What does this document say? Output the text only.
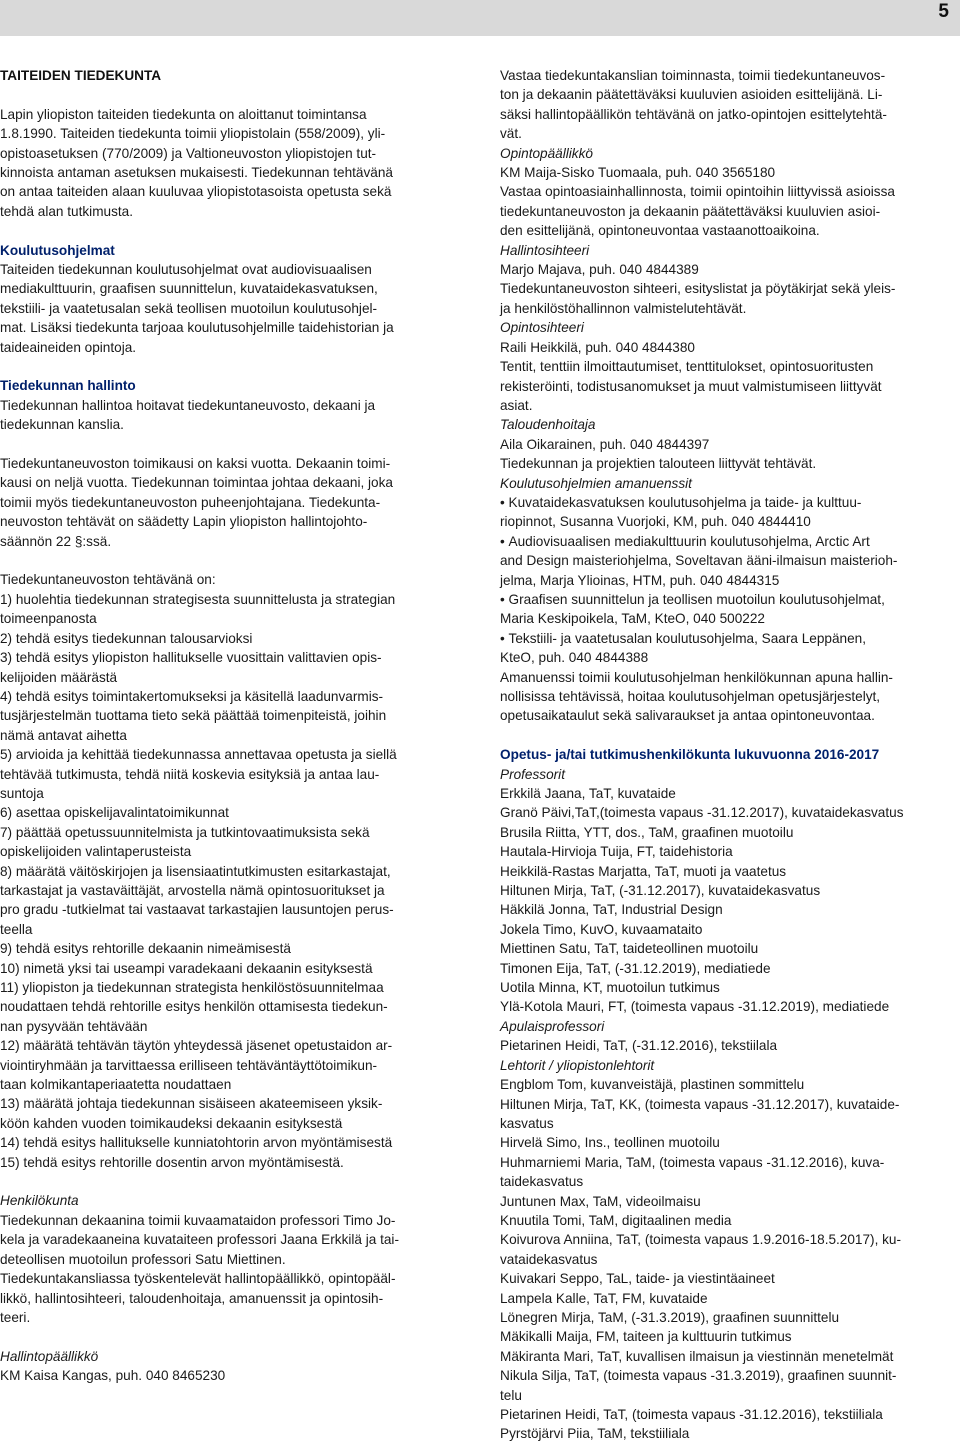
5

TAITEIDEN TIEDEKUNTA

Lapin yliopiston taiteiden tiedekunta on aloittanut toimintansa

1.8.1990. Taiteiden tiedekunta toimii yliopistolain (558/2009), yli-

opistoasetuksen (770/2009) ja Valtioneuvoston yliopistojen tut-

kinnoista antaman asetuksen mukaisesti. Tiedekunnan tehtävänä

on antaa taiteiden alaan kuuluvaa yliopistotasoista opetusta sekä

tehdä alan tutkimusta.

Koulutusohjelmat

Taiteiden tiedekunnan koulutusohjelmat ovat audiovisuaalisen

mediakulttuurin, graafisen suunnittelun, kuvataidekasvatuksen,

tekstiili- ja vaatetusalan sekä teollisen muotoilun koulutusohjel-

mat. Lisäksi tiedekunta tarjoaa koulutusohjelmille taidehistorian ja

taideaineiden opintoja.

Tiedekunnan hallinto

Tiedekunnan hallintoa hoitavat tiedekuntaneuvosto, dekaani ja

tiedekunnan kanslia.

Tiedekuntaneuvoston toimikausi on kaksi vuotta. Dekaanin toimi-

kausi on neljä vuotta. Tiedekunnan toimintaa johtaa dekaani, joka

toimii myös tiedekuntaneuvoston puheenjohtajana. Tiedekunta-

neuvoston tehtävät on säädetty Lapin yliopiston hallintojohto-

säännön 22 §:ssä.

Tiedekuntaneuvoston tehtävänä on:

1) huolehtia tiedekunnan strategisesta suunnittelusta ja strategian

toimeenpanosta

2) tehdä esitys tiedekunnan talousarvioksi

3) tehdä esitys yliopiston hallitukselle vuosittain valittavien opis-

kelijoiden määrästä

4) tehdä esitys toimintakertomukseksi ja käsitellä laadunvarmis-

tusjärjestelmän tuottama tieto sekä päättää toimenpiteistä, joihin

nämä antavat aihetta

5) arvioida ja kehittää tiedekunnassa annettavaa opetusta ja siellä

tehtävää tutkimusta, tehdä niitä koskevia esityksiä ja antaa lau-

suntoja

6) asettaa opiskelijavalintatoimikunnat

7) päättää opetussuunnitelmista ja tutkintovaatimuksista sekä

opiskelijoiden valintaperusteista

8) määrätä väitöskirjojen ja lisensiaatintutkimusten esitarkastajat,

tarkastajat ja vastaväittäjät, arvostella nämä opintosuoritukset ja

pro gradu -tutkielmat tai vastaavat tarkastajien lausuntojen perus-

teella

9) tehdä esitys rehtorille dekaanin nimeämisestä

10) nimetä yksi tai useampi varadekaani dekaanin esityksestä

11) yliopiston ja tiedekunnan strategista henkilöstösuunnitelmaa

noudattaen tehdä rehtorille esitys henkilön ottamisesta tiedekun-

nan pysyvään tehtävään

12) määrätä tehtävän täytön yhteydessä jäsenet opetustaidon ar-

viointiryhmään ja tarvittaessa erilliseen tehtäväntäyttötoimikun-

taan kolmikantaperiaatetta noudattaen

13) määrätä johtaja tiedekunnan sisäiseen akateemiseen yksik-

köön kahden vuoden toimikaudeksi dekaanin esityksestä

14) tehdä esitys hallitukselle kunniatohtorin arvon myöntämisestä

15) tehdä esitys rehtorille dosentin arvon myöntämisestä.

Henkilökunta

Tiedekunnan dekaanina toimii kuvaamataidon professori Timo Jo-

kela ja varadekaaneina kuvataiteen professori Jaana Erkkilä ja tai-

deteollisen muotoilun professori Satu Miettinen.

Tiedekuntakansliassa työskentelevät hallintopäällikkö, opintopääl-

likkö, hallintosihteeri, taloudenhoitaja, amanuenssit ja opintosih-

teeri.

Hallintopäällikkö

KM Kaisa Kangas, puh. 040 8465230

Vastaa tiedekuntakanslian toiminnasta, toimii tiedekuntaneuvos-

ton ja dekaanin päätettäväksi kuuluvien asioiden esittelijänä. Li-

säksi hallintopäällikön tehtävänä on jatko-opintojen esittelytehtä-

vät.

Opintopäällikkö

KM Maija-Sisko Tuomaala, puh. 040 3565180

Vastaa opintoasiainhallinnosta, toimii opintoihin liittyvissä asioissa

tiedekuntaneuvoston ja dekaanin päätettäväksi kuuluvien asioi-

den esittelijänä, opintoneuvontaa vastaanottoaikoina.

Hallintosihteeri

Marjo Majava, puh. 040 4844389

Tiedekuntaneuvoston sihteeri, esityslistat ja pöytäkirjat sekä yleis-

ja henkilöstöhallinnon valmistelutehtävät.

Opintosihteeri

Raili Heikkilä, puh. 040 4844380

Tentit, tenttiin ilmoittautumiset, tenttitulokset, opintosuoritusten

rekisteröinti, todistusanomukset ja muut valmistumiseen liittyvät

asiat.

Taloudenhoitaja

Aila Oikarainen, puh. 040 4844397

Tiedekunnan ja projektien talouteen liittyvät tehtävät.

Koulutusohjelmien amanuenssit

• Kuvataidekasvatuksen koulutusohjelma ja taide- ja kulttuu-

riopinnot, Susanna Vuorjoki, KM, puh. 040 4844410

• Audiovisuaalisen mediakulttuurin koulutusohjelma, Arctic Art

and Design maisteriohjelma, Soveltavan ääni-ilmaisun maisterioh-

jelma, Marja Ylioinas, HTM, puh. 040 4844315

• Graafisen suunnittelun ja teollisen muotoilun koulutusohjelmat,

Maria Keskipoikela, TaM, KteO, 040 500222

• Tekstiili- ja vaatetusalan koulutusohjelma, Saara Leppänen,

KteO, puh. 040 4844388

Amanuenssi toimii koulutusohjelman henkilökunnan apuna hallin-

nollisissa tehtävissä, hoitaa koulutusohjelman opetusjärjestelyt,

opetusaikataulut sekä salivaraukset ja antaa opintoneuvontaa.

Opetus- ja/tai tutkimushenkilökunta lukuvuonna 2016-2017

Professorit

Erkkilä Jaana, TaT, kuvataide

Granö Päivi,TaT,(toimesta vapaus -31.12.2017), kuvataidekasvatus

Brusila Riitta, YTT, dos., TaM, graafinen muotoilu

Hautala-Hirvioja Tuija, FT, taidehistoria

Heikkilä-Rastas Marjatta, TaT, muoti ja vaatetus

Hiltunen Mirja, TaT, (-31.12.2017), kuvataidekasvatus

Häkkilä Jonna, TaT, Industrial Design

Jokela Timo, KuvO, kuvaamataito

Miettinen Satu, TaT, taideteollinen muotoilu

Timonen Eija, TaT, (-31.12.2019), mediatiede

Uotila Minna, KT, muotoilun tutkimus

Ylä-Kotola Mauri, FT, (toimesta vapaus -31.12.2019), mediatiede

Apulaisprofessori

Pietarinen Heidi, TaT, (-31.12.2016), tekstiilala

Lehtorit / yliopistonlehtorit

Engblom Tom, kuvanveistäjä, plastinen sommittelu

Hiltunen Mirja, TaT, KK, (toimesta vapaus -31.12.2017), kuvataide-

kasvatus

Hirvelä Simo, Ins., teollinen muotoilu

Huhmarniemi Maria, TaM, (toimesta vapaus -31.12.2016), kuva-

taidekasvatus

Juntunen Max, TaM, videoilmaisu

Knuutila Tomi, TaM, digitaalinen media

Koivurova Anniina, TaT, (toimesta vapaus 1.9.2016-18.5.2017), ku-

vataidekasvatus

Kuivakari Seppo, TaL, taide- ja viestintäaineet

Lampela Kalle, TaT, FM, kuvataide

Lönegren Mirja, TaM, (-31.3.2019), graafinen suunnittelu

Mäkikalli Maija, FM, taiteen ja kulttuurin tutkimus

Mäkiranta Mari, TaT, kuvallisen ilmaisun ja viestinnän menetelmät

Nikula Silja, TaT, (toimesta vapaus -31.3.2019), graafinen suunnit-

telu

Pietarinen Heidi, TaT, (toimesta vapaus -31.12.2016), tekstiiliala

Pyrstöjärvi Piia, TaM, tekstiiliala
